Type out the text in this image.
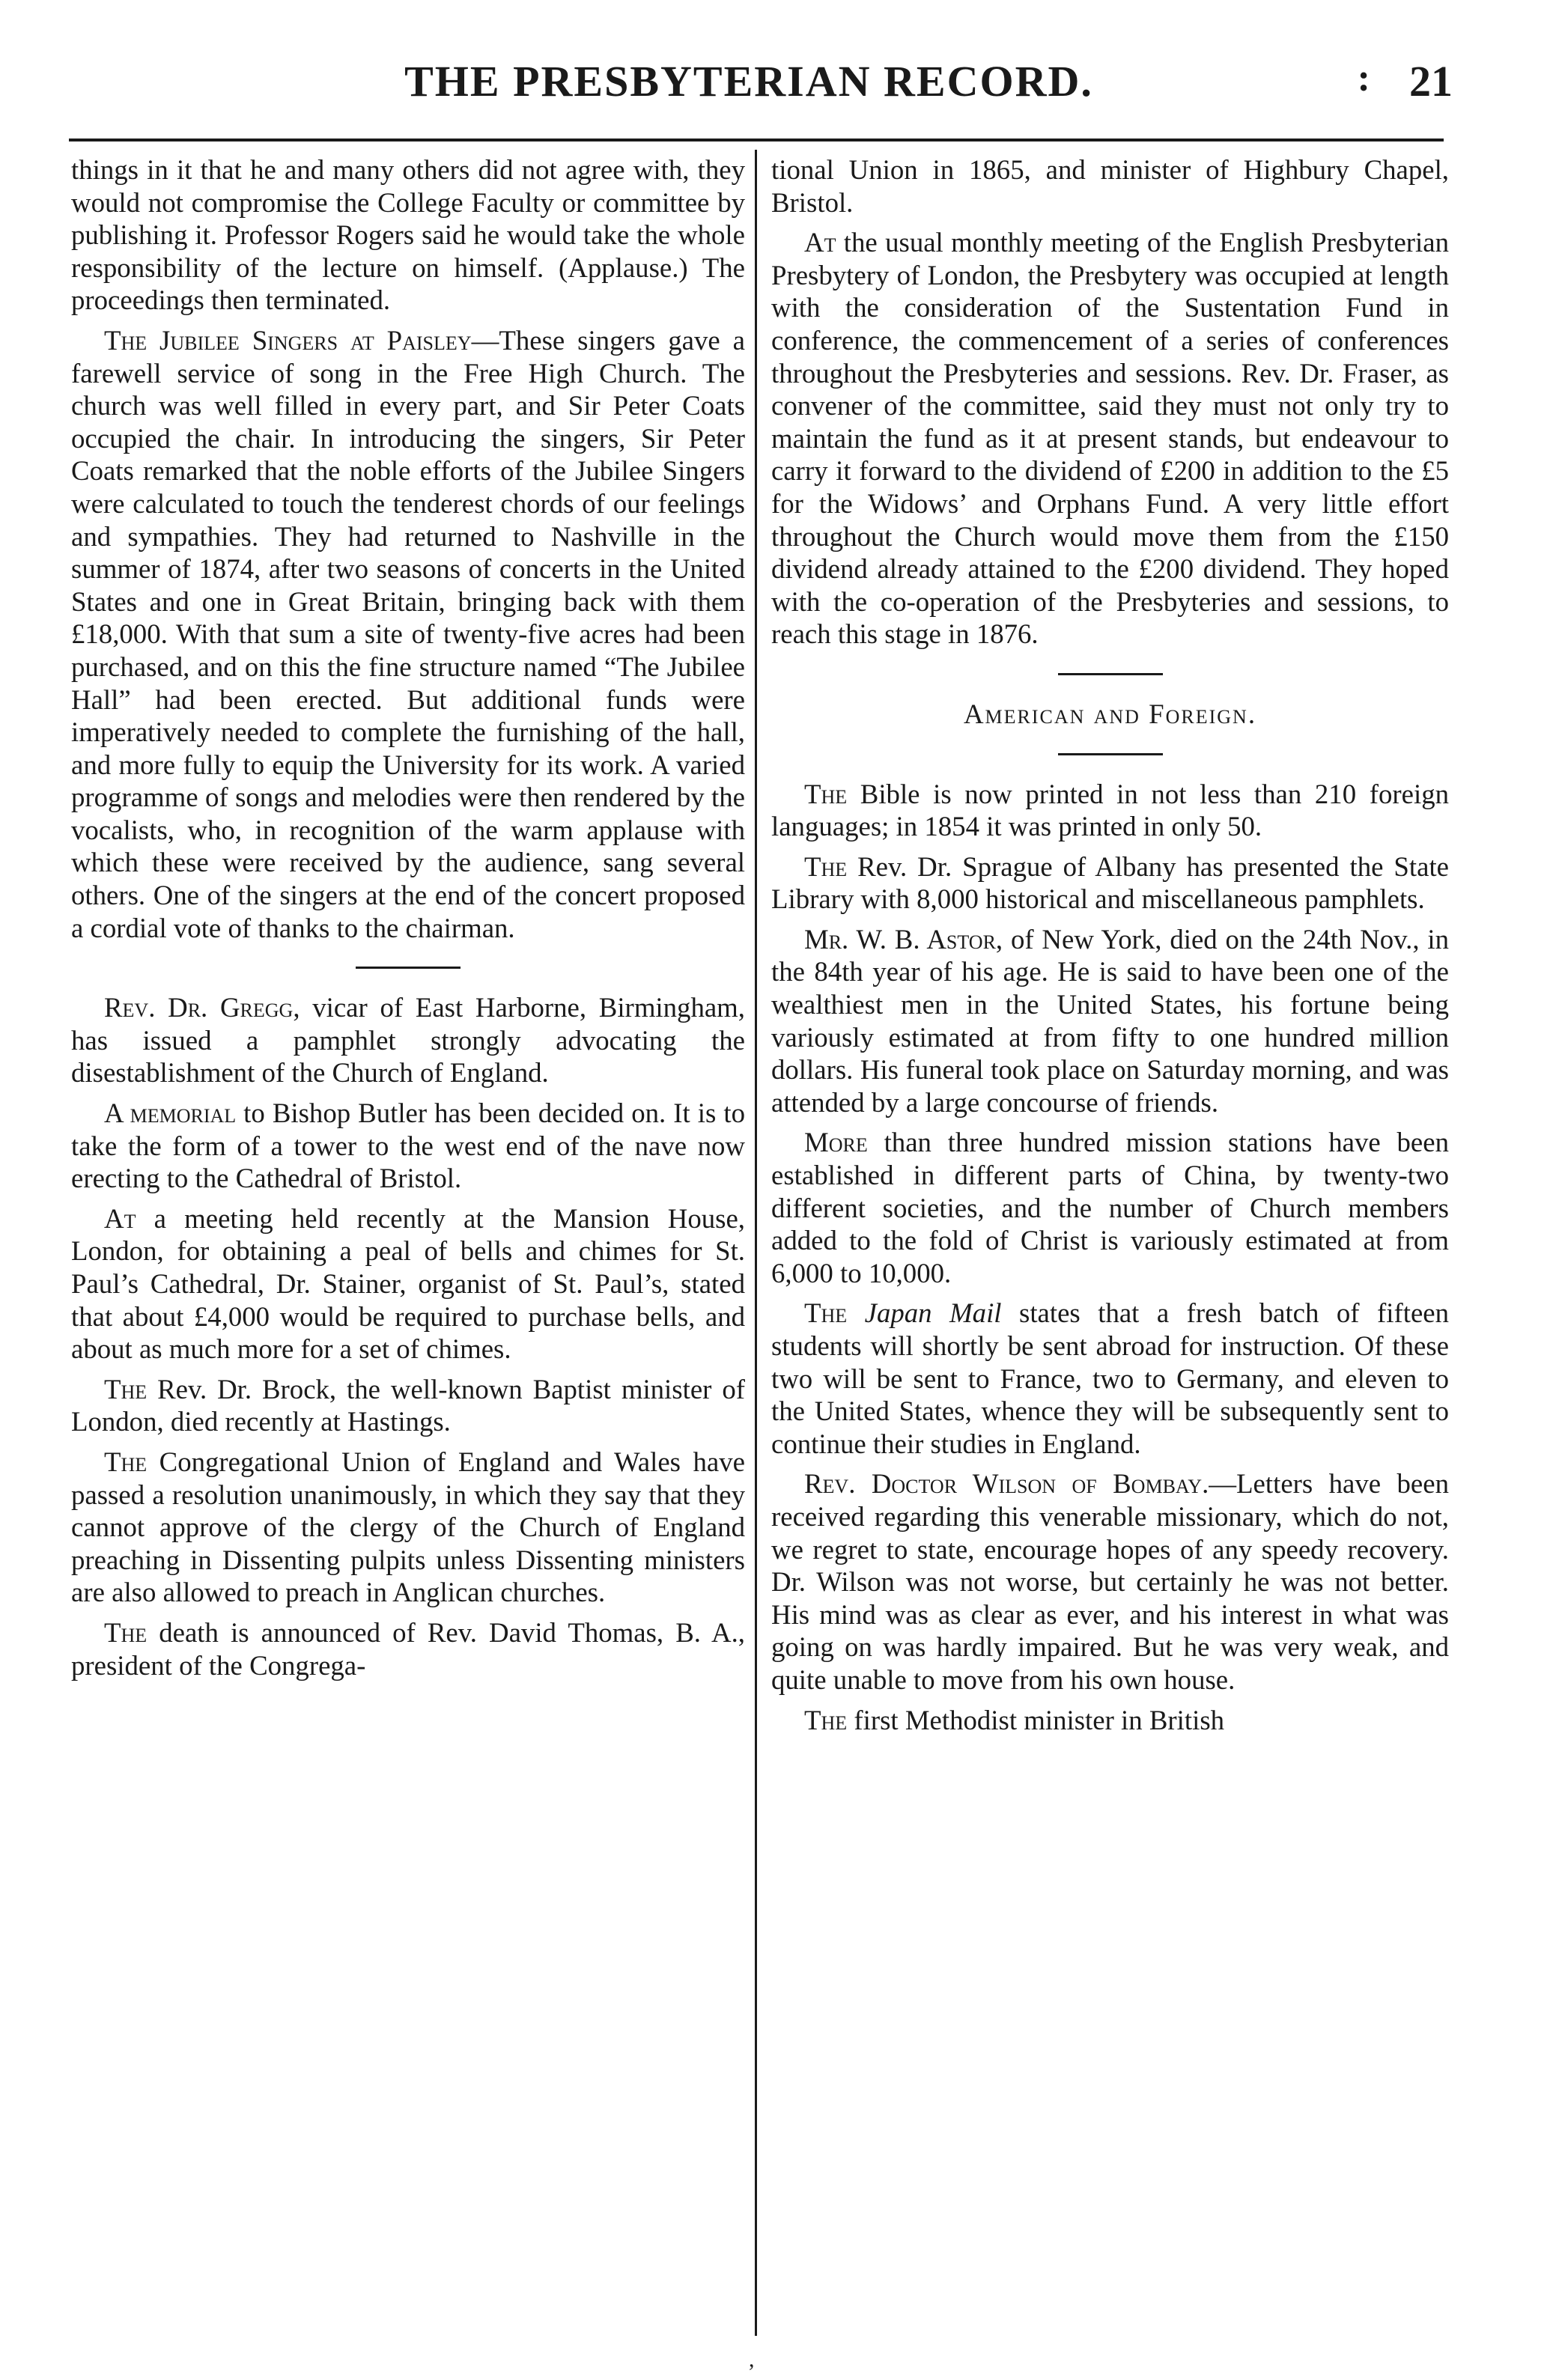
THE PRESBYTERIAN RECORD.	: 21

things in it that he and many others did not agree with, they would not compromise the College Faculty or committee by publishing it. Professor Rogers said he would take the whole responsibility of the lecture on himself. (Applause.) The proceedings then terminated.

The Jubilee Singers at Paisley—These singers gave a farewell service of song in the Free High Church. The church was well filled in every part, and Sir Peter Coats occupied the chair. In introducing the singers, Sir Peter Coats remarked that the noble efforts of the Jubilee Singers were calculated to touch the tenderest chords of our feelings and sympathies. They had returned to Nashville in the summer of 1874, after two seasons of concerts in the United States and one in Great Britain, bringing back with them £18,000. With that sum a site of twenty-five acres had been purchased, and on this the fine structure named “The Jubilee Hall” had been erected. But additional funds were imperatively needed to complete the furnishing of the hall, and more fully to equip the University for its work. A varied programme of songs and melodies were then rendered by the vocalists, who, in recognition of the warm applause with which these were received by the audience, sang several others. One of the singers at the end of the concert proposed a cordial vote of thanks to the chairman.

Rev. Dr. Gregg, vicar of East Harborne, Birmingham, has issued a pamphlet strongly advocating the disestablishment of the Church of England.

A memorial to Bishop Butler has been decided on. It is to take the form of a tower to the west end of the nave now erecting to the Cathedral of Bristol.

At a meeting held recently at the Mansion House, London, for obtaining a peal of bells and chimes for St. Paul’s Cathedral, Dr. Stainer, organist of St. Paul’s, stated that about £4,000 would be required to purchase bells, and about as much more for a set of chimes.

The Rev. Dr. Brock, the well-known Baptist minister of London, died recently at Hastings.

The Congregational Union of England and Wales have passed a resolution unanimously, in which they say that they cannot approve of the clergy of the Church of England preaching in Dissenting pulpits unless Dissenting ministers are also allowed to preach in Anglican churches.

The death is announced of Rev. David Thomas, B. A., president of the Congrega-

tional Union in 1865, and minister of Highbury Chapel, Bristol.

At the usual monthly meeting of the English Presbyterian Presbytery of London, the Presbytery was occupied at length with the consideration of the Sustentation Fund in conference, the commencement of a series of conferences throughout the Presbyteries and sessions. Rev. Dr. Fraser, as convener of the committee, said they must not only try to maintain the fund as it at present stands, but endeavour to carry it forward to the dividend of £200 in addition to the £5 for the Widows’ and Orphans Fund. A very little effort throughout the Church would move them from the £150 dividend already attained to the £200 dividend. They hoped with the co-operation of the Presbyteries and sessions, to reach this stage in 1876.

American and Foreign.

The Bible is now printed in not less than 210 foreign languages; in 1854 it was printed in only 50.

The Rev. Dr. Sprague of Albany has presented the State Library with 8,000 historical and miscellaneous pamphlets.

Mr. W. B. Astor, of New York, died on the 24th Nov., in the 84th year of his age. He is said to have been one of the wealthiest men in the United States, his fortune being variously estimated at from fifty to one hundred million dollars. His funeral took place on Saturday morning, and was attended by a large concourse of friends.

More than three hundred mission stations have been established in different parts of China, by twenty-two different societies, and the number of Church members added to the fold of Christ is variously estimated at from 6,000 to 10,000.

The Japan Mail states that a fresh batch of fifteen students will shortly be sent abroad for instruction. Of these two will be sent to France, two to Germany, and eleven to the United States, whence they will be subsequently sent to continue their studies in England.

Rev. Doctor Wilson of Bombay.—Letters have been received regarding this venerable missionary, which do not, we regret to state, encourage hopes of any speedy recovery. Dr. Wilson was not worse, but certainly he was not better. His mind was as clear as ever, and his interest in what was going on was hardly impaired. But he was very weak, and quite unable to move from his own house.

The first Methodist minister in British

,
